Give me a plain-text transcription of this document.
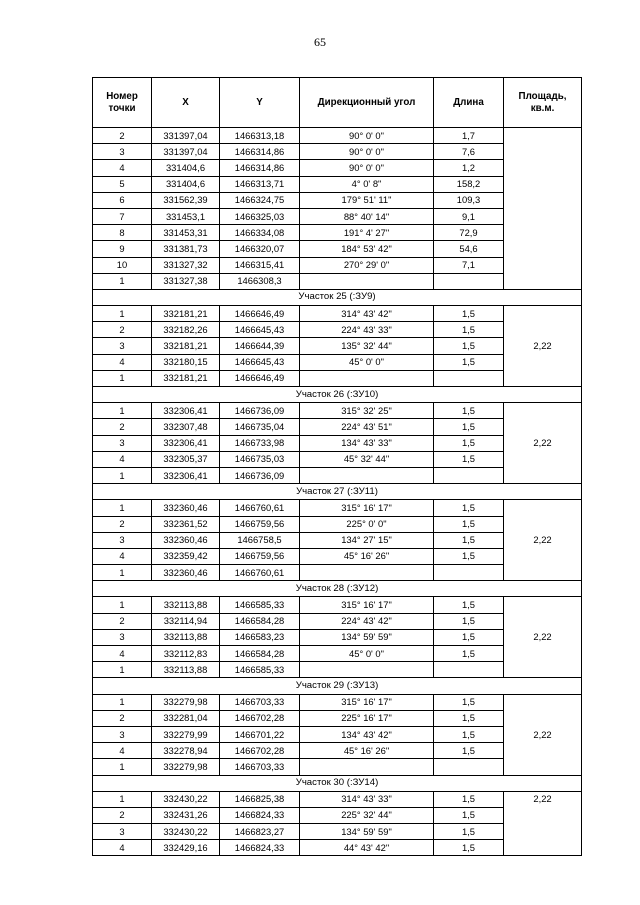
65
Номер точки	X	Y	Дирекционный угол	Длина	Площадь, кв.м.
2	331397,04	1466313,18	90° 0' 0"	1,7	
3	331397,04	1466314,86	90° 0' 0"	7,6	
4	331404,6	1466314,86	90° 0' 0"	1,2	
5	331404,6	1466313,71	4° 0' 8"	158,2	
6	331562,39	1466324,75	179° 51' 11"	109,3	
7	331453,1	1466325,03	88° 40' 14"	9,1	
8	331453,31	1466334,08	191° 4' 27"	72,9	
9	331381,73	1466320,07	184° 53' 42"	54,6	
10	331327,32	1466315,41	270° 29' 0"	7,1	
1	331327,38	1466308,3			
Участок 25 (:ЗУ9)					
1	332181,21	1466646,49	314° 43' 42"	1,5	2,22
2	332182,26	1466645,43	224° 43' 33"	1,5	
3	332181,21	1466644,39	135° 32' 44"	1,5	
4	332180,15	1466645,43	45° 0' 0"	1,5	
1	332181,21	1466646,49			
Участок 26 (:ЗУ10)					
1	332306,41	1466736,09	315° 32' 25"	1,5	2,22
2	332307,48	1466735,04	224° 43' 51"	1,5	
3	332306,41	1466733,98	134° 43' 33"	1,5	
4	332305,37	1466735,03	45° 32' 44"	1,5	
1	332306,41	1466736,09			
Участок 27 (:ЗУ11)					
1	332360,46	1466760,61	315° 16' 17"	1,5	2,22
2	332361,52	1466759,56	225° 0' 0"	1,5	
3	332360,46	1466758,5	134° 27' 15"	1,5	
4	332359,42	1466759,56	45° 16' 26"	1,5	
1	332360,46	1466760,61			
Участок 28 (:ЗУ12)					
1	332113,88	1466585,33	315° 16' 17"	1,5	2,22
2	332114,94	1466584,28	224° 43' 42"	1,5	
3	332113,88	1466583,23	134° 59' 59"	1,5	
4	332112,83	1466584,28	45° 0' 0"	1,5	
1	332113,88	1466585,33			
Участок 29 (:ЗУ13)					
1	332279,98	1466703,33	315° 16' 17"	1,5	2,22
2	332281,04	1466702,28	225° 16' 17"	1,5	
3	332279,99	1466701,22	134° 43' 42"	1,5	
4	332278,94	1466702,28	45° 16' 26"	1,5	
1	332279,98	1466703,33			
Участок 30 (:ЗУ14)					
1	332430,22	1466825,38	314° 43' 33"	1,5	2,22
2	332431,26	1466824,33	225° 32' 44"	1,5	
3	332430,22	1466823,27	134° 59' 59"	1,5	
4	332429,16	1466824,33	44° 43' 42"	1,5	
